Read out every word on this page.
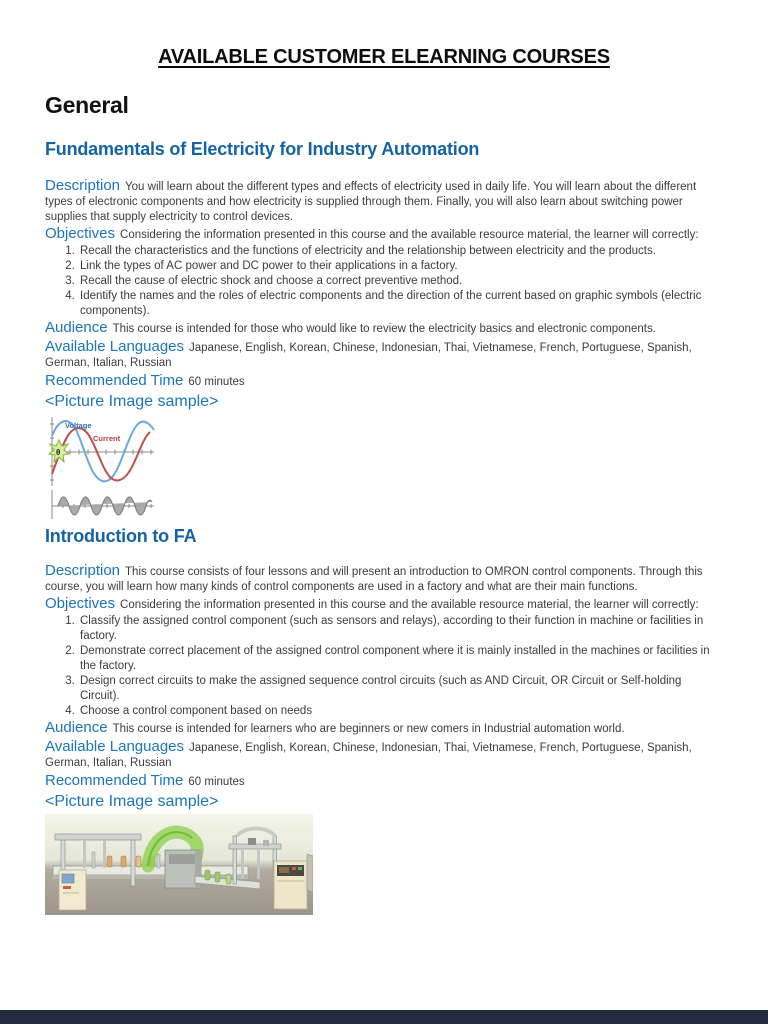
AVAILABLE CUSTOMER ELEARNING COURSES
General
Fundamentals of Electricity for Industry Automation

Description You will learn about the different types and effects of electricity used in daily life. You will learn about the different types of electronic components and how electricity is supplied through them. Finally, you will also learn about switching power supplies that supply electricity to control devices.

Objectives Considering the information presented in this course and the available resource material, the learner will correctly:

1. Recall the characteristics and the functions of electricity and the relationship between electricity and the products.
2. Link the types of AC power and DC power to their applications in a factory.
3. Recall the cause of electric shock and choose a correct preventive method.
4. Identify the names and the roles of electric components and the direction of the current based on graphic symbols (electric components).

Audience This course is intended for those who would like to review the electricity basics and electronic components.

Available Languages Japanese, English, Korean, Chinese, Indonesian, Thai, Vietnamese, French, Portuguese, Spanish, German, Italian, Russian

Recommended Time 60 minutes

<Picture Image sample>

θ
Voltage
Current
Introduction to FA

Description This course consists of four lessons and will present an introduction to OMRON control components. Through this course, you will learn how many kinds of control components are used in a factory and what are their main functions.

Objectives Considering the information presented in this course and the available resource material, the learner will correctly:

1. Classify the assigned control component (such as sensors and relays), according to their function in machine or facilities in factory.
2. Demonstrate correct placement of the assigned control component where it is mainly installed in the machines or facilities in the factory.
3. Design correct circuits to make the assigned sequence control circuits (such as AND Circuit, OR Circuit or Self-holding Circuit).
4. Choose a control component based on needs

Audience This course is intended for learners who are beginners or new comers in Industrial automation world.

Available Languages Japanese, English, Korean, Chinese, Indonesian, Thai, Vietnamese, French, Portuguese, Spanish, German, Italian, Russian

Recommended Time 60 minutes

<Picture Image sample>
